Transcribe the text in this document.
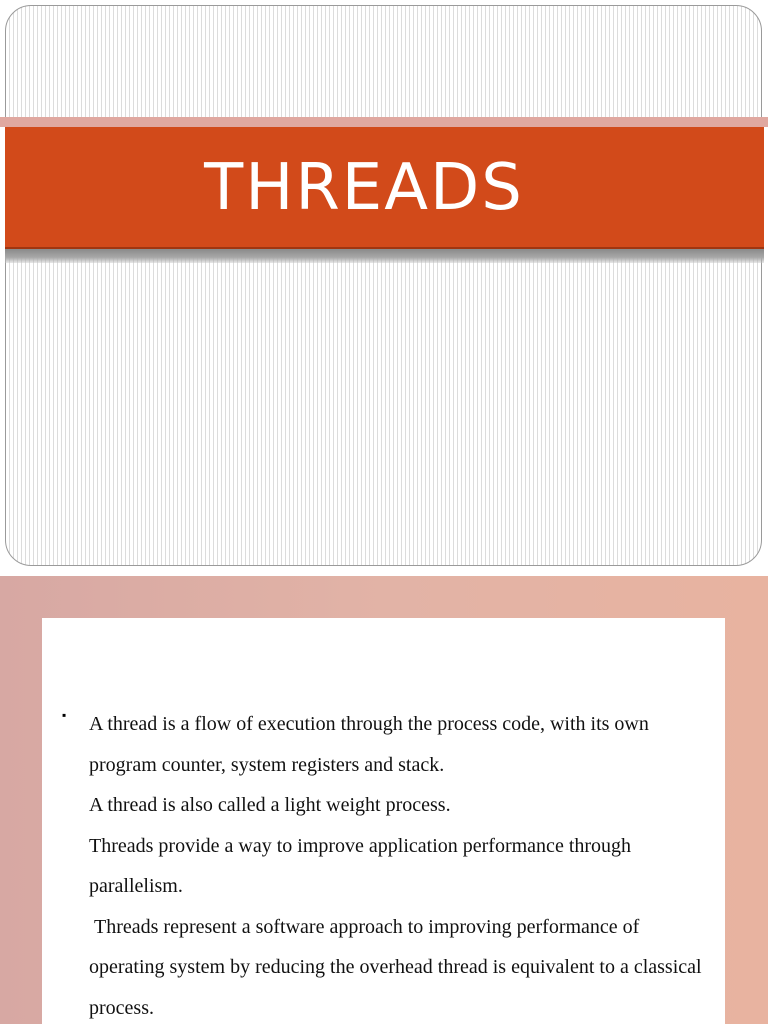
THREADS
▪ A thread is a flow of execution through the process code, with its own program counter, system registers and stack.

A thread is also called a light weight process.

Threads provide a way to improve application performance through parallelism.

Threads represent a software approach to improving performance of operating system by reducing the overhead thread is equivalent to a classical process.
